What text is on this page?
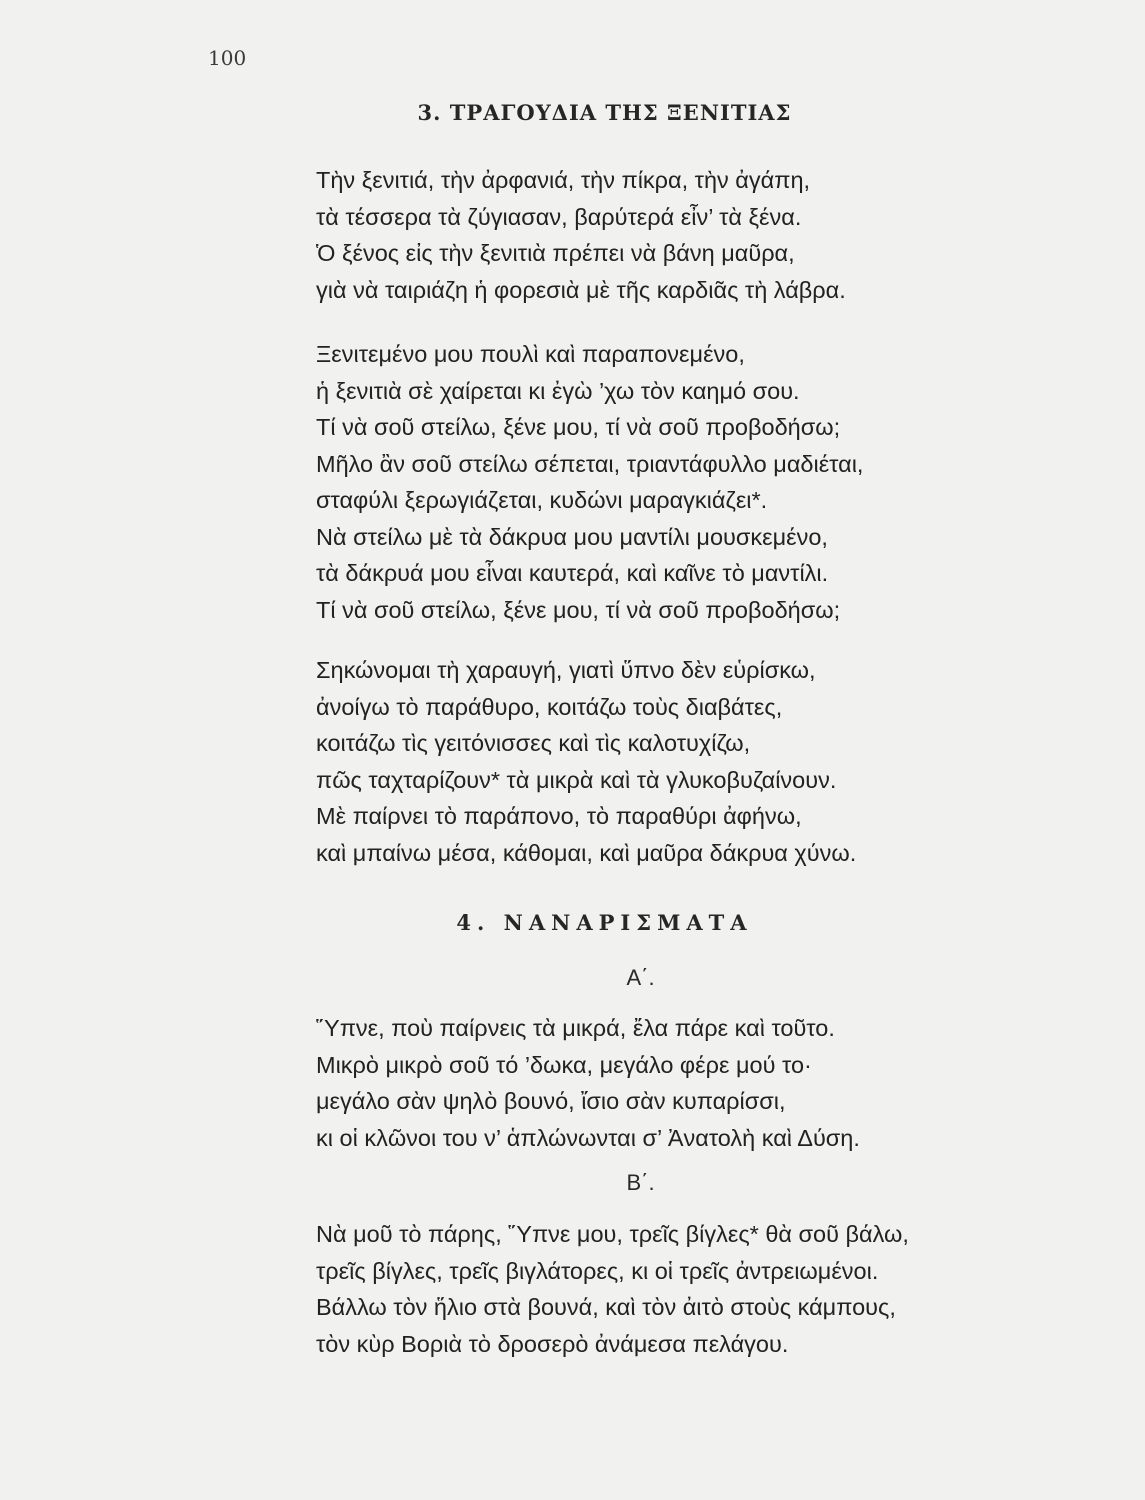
100
3. ΤΡΑΓΟΥΔΙΑ ΤΗΣ ΞΕΝΙΤΙΑΣ
Τὴν ξενιτιά, τὴν ἀρφανιά, τὴν πίκρα, τὴν ἀγάπη,
τὰ τέσσερα τὰ ζύγιασαν, βαρύτερά εἶν’ τὰ ξένα.
Ὁ ξένος εἰς τὴν ξενιτιὰ πρέπει νὰ βάνη μαῦρα,
γιὰ νὰ ταιριάζη ἡ φορεσιὰ μὲ τῆς καρδιᾶς τὴ λάβρα.
Ξενιτεμένο μου πουλὶ καὶ παραπονεμένο,
ἡ ξενιτιὰ σὲ χαίρεται κι ἐγὼ ’χω τὸν καημό σου.
Τί νὰ σοῦ στείλω, ξένε μου, τί νὰ σοῦ προβοδήσω;
Μῆλο ἂν σοῦ στείλω σέπεται, τριαντάφυλλο μαδιέται,
σταφύλι ξερωγιάζεται, κυδώνι μαραγκιάζει*.
Νὰ στείλω μὲ τὰ δάκρυα μου μαντίλι μουσκεμένο,
τὰ δάκρυά μου εἶναι καυτερά, καὶ καῖνε τὸ μαντίλι.
Τί νὰ σοῦ στείλω, ξένε μου, τί νὰ σοῦ προβοδήσω;
Σηκώνομαι τὴ χαραυγή, γιατὶ ὕπνο δὲν εὑρίσκω,
ἀνοίγω τὸ παράθυρο, κοιτάζω τοὺς διαβάτες,
κοιτάζω τὶς γειτόνισσες καὶ τὶς καλοτυχίζω,
πῶς ταχταρίζουν* τὰ μικρὰ καὶ τὰ γλυκοβυζαίνουν.
Μὲ παίρνει τὸ παράπονο, τὸ παραθύρι ἀφήνω,
καὶ μπαίνω μέσα, κάθομαι, καὶ μαῦρα δάκρυα χύνω.
4. ΝΑΝΑΡΙΣΜΑΤΑ
Α΄.
Ὕπνε, ποὺ παίρνεις τὰ μικρά, ἔλα πάρε καὶ τοῦτο.
Μικρὸ μικρὸ σοῦ τό ’δωκα, μεγάλο φέρε μού το·
μεγάλο σὰν ψηλὸ βουνό, ἴσιο σὰν κυπαρίσσι,
κι οἱ κλῶνοι του ν’ ἁπλώνωνται σ’ Ἀνατολὴ καὶ Δύση.
Β΄.
Νὰ μοῦ τὸ πάρης, Ὕπνε μου, τρεῖς βίγλες* θὰ σοῦ βάλω,
τρεῖς βίγλες, τρεῖς βιγλάτορες, κι οἱ τρεῖς ἀντρειωμένοι.
Βάλλω τὸν ἥλιο στὰ βουνά, καὶ τὸν ἀιτὸ στοὺς κάμπους,
τὸν κὺρ Βοριὰ τὸ δροσερὸ ἀνάμεσα πελάγου.
